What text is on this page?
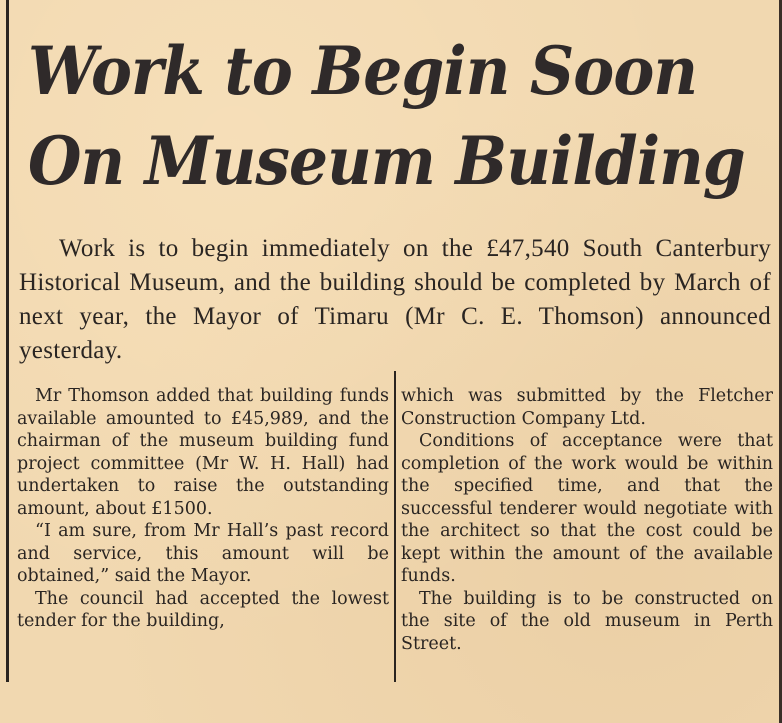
Work to Begin Soon
On Museum Building

Work is to begin immediately on the £47,540 South Canterbury Historical Museum, and the building should be completed by March of next year, the Mayor of Timaru (Mr C. E. Thomson) announced yesterday.

Mr Thomson added that building funds available amounted to £45,989, and the chairman of the museum building fund project committee (Mr W. H. Hall) had undertaken to raise the outstanding amount, about £1500.

“I am sure, from Mr Hall’s past record and service, this amount will be obtained,” said the Mayor.

The council had accepted the lowest tender for the building,

which was submitted by the Fletcher Construction Company Ltd.

Conditions of acceptance were that completion of the work would be within the specified time, and that the successful tenderer would negotiate with the architect so that the cost could be kept within the amount of the available funds.

The building is to be constructed on the site of the old museum in Perth Street.
